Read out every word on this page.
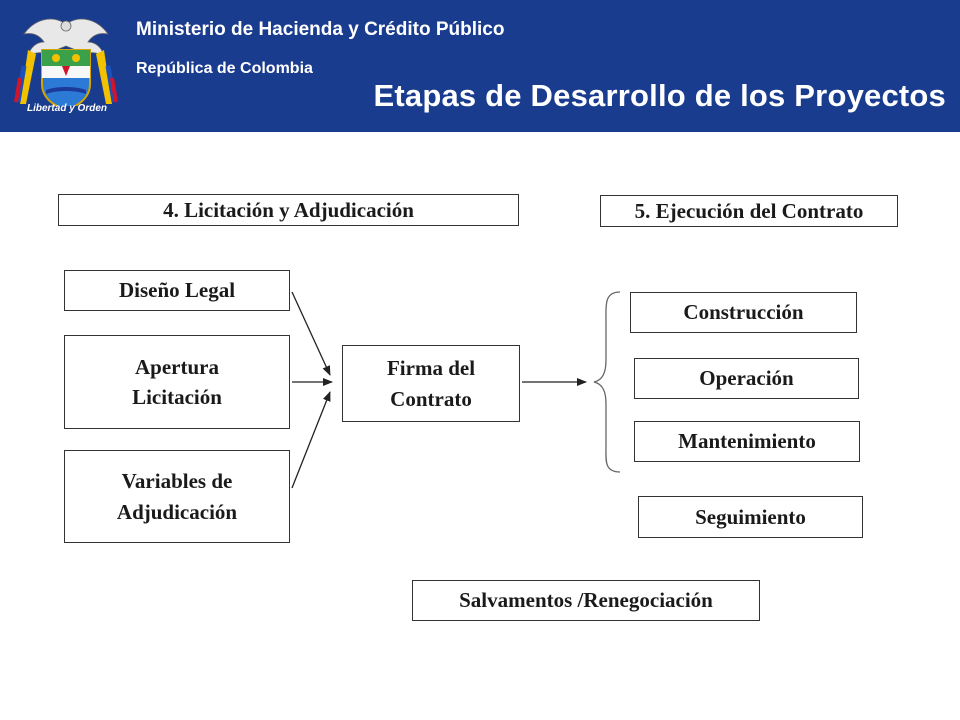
Libertad y Orden
Ministerio de Hacienda y Crédito Público
República de Colombia
Etapas de Desarrollo de los Proyectos
4. Licitación y Adjudicación	5. Ejecución del Contrato
Diseño Legal
Apertura
Licitación
Variables de
Adjudicación
Firma del
Contrato
Construcción
Operación
Mantenimiento
Seguimiento
Salvamentos /Renegociación
